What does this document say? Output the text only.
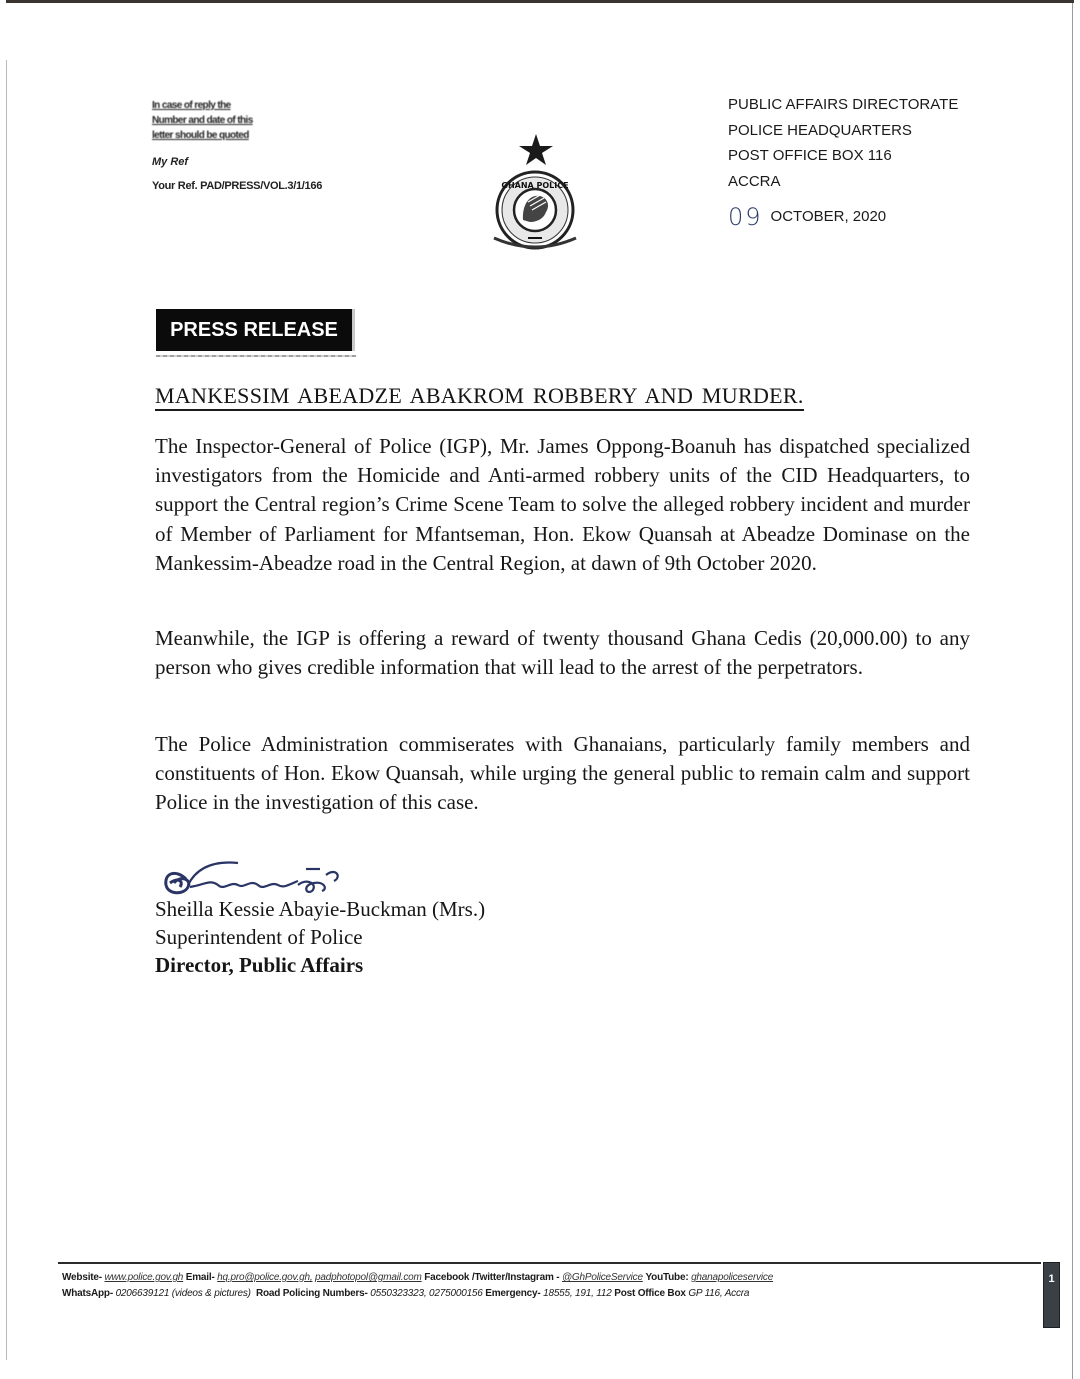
In case of reply the
Number and date of this
letter should be quoted
My Ref
Your Ref. PAD/PRESS/VOL.3/1/166	GHANA POLICE
PUBLIC AFFAIRS DIRECTORATE
POLICE HEADQUARTERS
POST OFFICE BOX 116
ACCRA
09 OCTOBER, 2020
PRESS RELEASE
MANKESSIM ABEADZE ABAKROM ROBBERY AND MURDER.

The Inspector-General of Police (IGP), Mr. James Oppong-Boanuh has dispatched specialized investigators from the Homicide and Anti-armed robbery units of the CID Headquarters, to support the Central region’s Crime Scene Team to solve the alleged robbery incident and murder of Member of Parliament for Mfantseman, Hon. Ekow Quansah at Abeadze Dominase on the Mankessim-Abeadze road in the Central Region, at dawn of 9th October 2020.

Meanwhile, the IGP is offering a reward of twenty thousand Ghana Cedis (20,000.00) to any person who gives credible information that will lead to the arrest of the perpetrators.

The Police Administration commiserates with Ghanaians, particularly family members and constituents of Hon. Ekow Quansah, while urging the general public to remain calm and support Police in the investigation of this case.

Sheilla Kessie Abayie-Buckman (Mrs.)
Superintendent of Police
Director, Public Affairs
Website- www.police.gov.gh Email- hq.pro@police.gov.gh, padphotopol@gmail.com Facebook /Twitter/Instagram - @GhPoliceService YouTube: ghanapoliceservice
WhatsApp- 0206639121 (videos & pictures) Road Policing Numbers- 0550323323, 0275000156 Emergency- 18555, 191, 112 Post Office Box GP 116, Accra
1
